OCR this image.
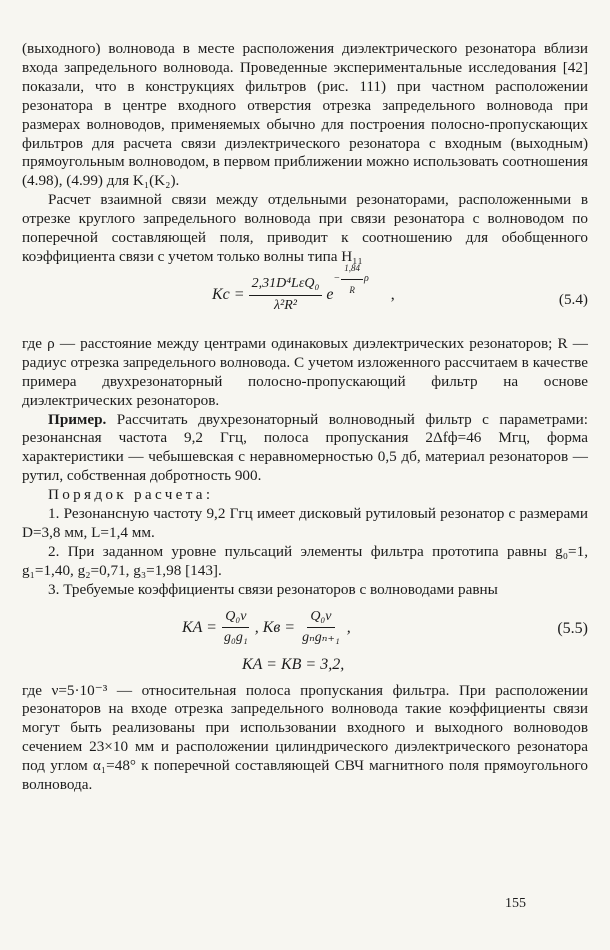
(выходного) волновода в месте расположения диэлектрического резонатора вблизи входа запредельного волновода. Проведенные экспериментальные исследования [42] показали, что в конструкциях фильтров (рис. 111) при частном расположении резонатора в центре входного отверстия отрезка запредельного волновода при размерах волноводов, применяемых обычно для построения полосно-пропускающих фильтров для расчета связи диэлектрического резонатора с входным (выходным) прямоугольным волноводом, в первом приближении можно использовать соотношения (4.98), (4.99) для K₁(K₂).

Расчет взаимной связи между отдельными резонаторами, расположенными в отрезке круглого запредельного волновода при связи резонатора с волноводом по поперечной составляющей поля, приводит к соотношению для обобщенного коэффициента связи с учетом только волны типа H₁₁

Kс = $\frac{\text{2,31D⁴LεQ₀}}{\text{λ²R²}}$ e
− $\frac{1,84}{R}$ ρ
,	(5.4)

где ρ — расстояние между центрами одинаковых диэлектрических резонаторов; R — радиус отрезка запредельного волновода. С учетом изложенного рассчитаем в качестве примера двухрезонаторный полосно-пропускающий фильтр на основе диэлектрических резонаторов.

Пример. Рассчитать двухрезонаторный волноводный фильтр с параметрами: резонансная частота 9,2 Ггц, полоса пропускания 2Δfф=46 Мгц, форма характеристики — чебышевская с неравномерностью 0,5 дб, материал резонаторов — рутил, собственная добротность 900.

Порядок расчета:

1. Резонансную частоту 9,2 Ггц имеет дисковый рутиловый резонатор с размерами D=3,8 мм, L=1,4 мм.

2. При заданном уровне пульсаций элементы фильтра прототипа равны g₀=1, g₁=1,40, g₂=0,71, g₃=1,98 [143].

3. Требуемые коэффициенты связи резонаторов с волноводами равны

KA = $\frac{\text{Q₀ν}}{\text{g₀g₁}}$ , Kв = $\frac{\text{Q₀ν}}{\text{gₙgₙ₊₁}}$ ,
KA = KB = 3,2,
(5.5)

где ν=5·10⁻³ — относительная полоса пропускания фильтра. При расположении резонаторов на входе отрезка запредельного волновода такие коэффициенты связи могут быть реализованы при использовании входного и выходного волноводов сечением 23×10 мм и расположении цилиндрического диэлектрического резонатора под углом α₁=48° к поперечной составляющей СВЧ магнитного поля прямоугольного волновода.

155
